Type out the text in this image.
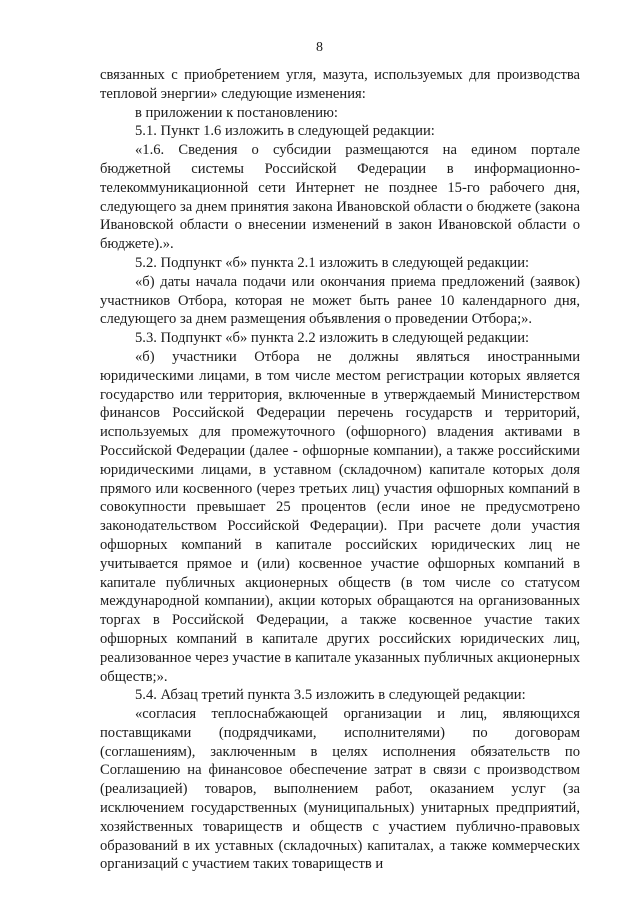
8

связанных с приобретением угля, мазута, используемых для производства тепловой энергии» следующие изменения:

в приложении к постановлению:

5.1. Пункт 1.6 изложить в следующей редакции:

«1.6. Сведения о субсидии размещаются на едином портале бюджетной системы Российской Федерации в информационно-телекоммуникационной сети Интернет не позднее 15-го рабочего дня, следующего за днем принятия закона Ивановской области о бюджете (закона Ивановской области о внесении изменений в закон Ивановской области о бюджете).».

5.2. Подпункт «б» пункта 2.1 изложить в следующей редакции:

«б) даты начала подачи или окончания приема предложений (заявок) участников Отбора, которая не может быть ранее 10 календарного дня, следующего за днем размещения объявления о проведении Отбора;».

5.3. Подпункт «б» пункта 2.2 изложить в следующей редакции:

«б) участники Отбора не должны являться иностранными юридическими лицами, в том числе местом регистрации которых является государство или территория, включенные в утверждаемый Министерством финансов Российской Федерации перечень государств и территорий, используемых для промежуточного (офшорного) владения активами в Российской Федерации (далее - офшорные компании), а также российскими юридическими лицами, в уставном (складочном) капитале которых доля прямого или косвенного (через третьих лиц) участия офшорных компаний в совокупности превышает 25 процентов (если иное не предусмотрено законодательством Российской Федерации). При расчете доли участия офшорных компаний в капитале российских юридических лиц не учитывается прямое и (или) косвенное участие офшорных компаний в капитале публичных акционерных обществ (в том числе со статусом международной компании), акции которых обращаются на организованных торгах в Российской Федерации, а также косвенное участие таких офшорных компаний в капитале других российских юридических лиц, реализованное через участие в капитале указанных публичных акционерных обществ;».

5.4. Абзац третий пункта 3.5 изложить в следующей редакции:

«согласия теплоснабжающей организации и лиц, являющихся поставщиками (подрядчиками, исполнителями) по договорам (соглашениям), заключенным в целях исполнения обязательств по Соглашению на финансовое обеспечение затрат в связи с производством (реализацией) товаров, выполнением работ, оказанием услуг (за исключением государственных (муниципальных) унитарных предприятий, хозяйственных товариществ и обществ с участием публично-правовых образований в их уставных (складочных) капиталах, а также коммерческих организаций с участием таких товариществ и
